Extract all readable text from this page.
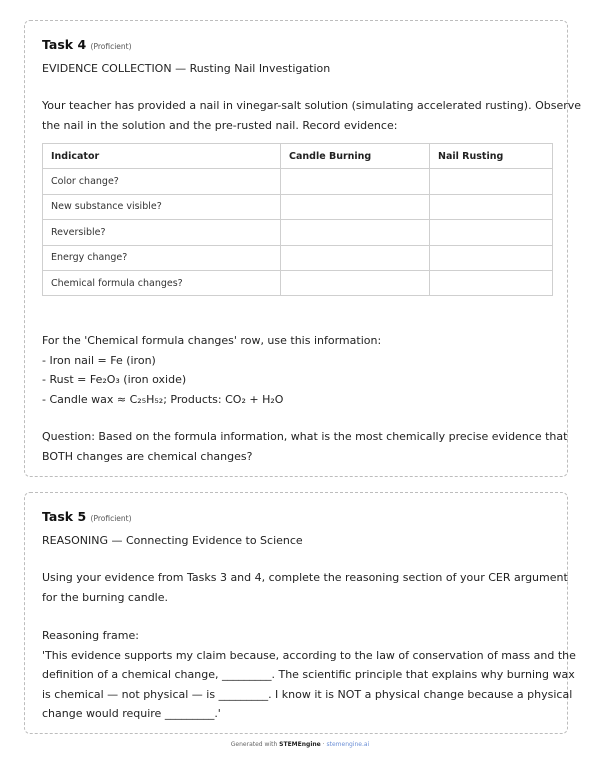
Task 4 (Proficient)
EVIDENCE COLLECTION — Rusting Nail Investigation
Your teacher has provided a nail in vinegar-salt solution (simulating accelerated rusting). Observe
the nail in the solution and the pre-rusted nail. Record evidence:
Indicator	Candle Burning	Nail Rusting
Color change?		
New substance visible?		
Reversible?		
Energy change?		
Chemical formula changes?		
For the 'Chemical formula changes' row, use this information:
- Iron nail = Fe (iron)
- Rust = Fe₂O₃ (iron oxide)
- Candle wax ≈ C₂₅H₅₂; Products: CO₂ + H₂O
Question: Based on the formula information, what is the most chemically precise evidence that
BOTH changes are chemical changes?
Task 5 (Proficient)
REASONING — Connecting Evidence to Science
Using your evidence from Tasks 3 and 4, complete the reasoning section of your CER argument
for the burning candle.
Reasoning frame:
'This evidence supports my claim because, according to the law of conservation of mass and the
definition of a chemical change, _________. The scientific principle that explains why burning wax
is chemical — not physical — is _________. I know it is NOT a physical change because a physical
change would require _________.'
Generated with STEMEngine · stemengine.ai
